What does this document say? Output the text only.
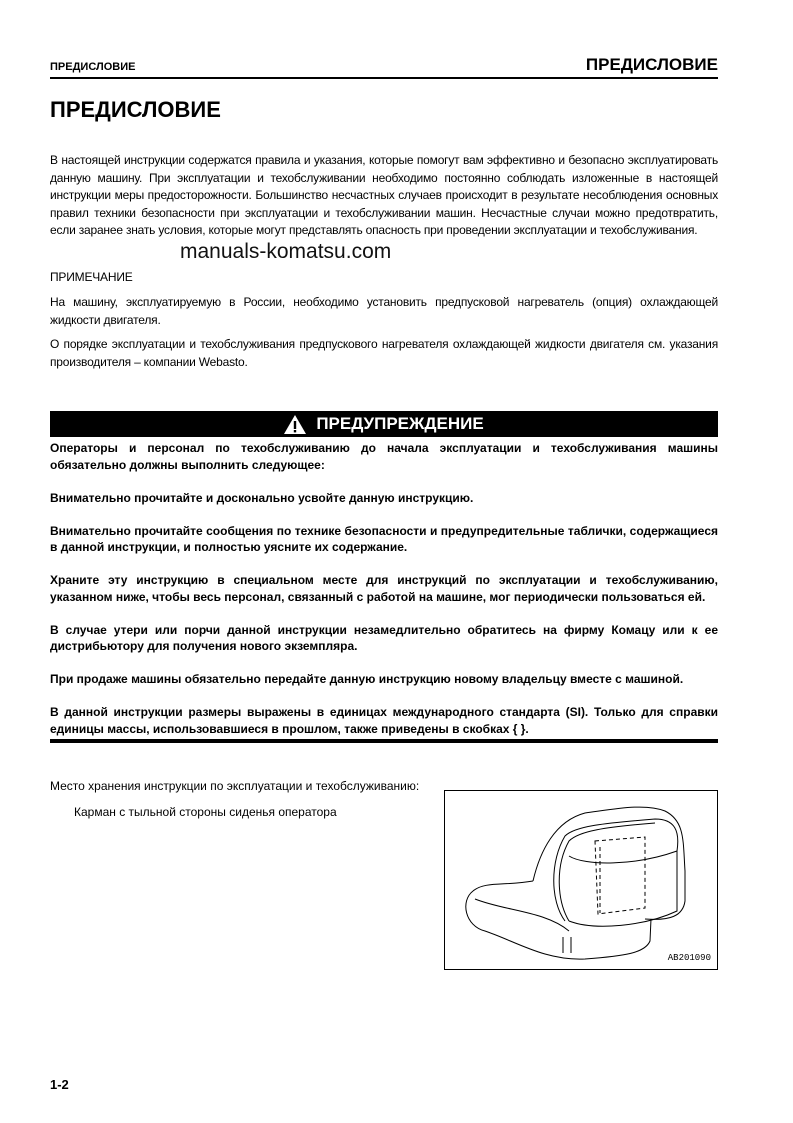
ПРЕДИСЛОВИЕ	ПРЕДИСЛОВИЕ
ПРЕДИСЛОВИЕ

В настоящей инструкции содержатся правила и указания, которые помогут вам эффективно и безопасно эксплуатировать данную машину. При эксплуатации и техобслуживании необходимо постоянно соблюдать изложенные в настоящей инструкции меры предосторожности. Большинство несчастных случаев происходит в результате несоблюдения основных правил техники безопасности при эксплуатации и техобслуживании машин. Несчастные случаи можно предотвратить, если заранее знать условия, которые могут представлять опасность при проведении эксплуатации и техобслуживания.

manuals-komatsu.com

ПРИМЕЧАНИЕ

На машину, эксплуатируемую в России, необходимо установить предпусковой нагреватель (опция) охлаждающей жидкости двигателя.

О порядке эксплуатации и техобслуживания предпускового нагревателя охлаждающей жидкости двигателя см. указания производителя – компании Webasto.

ПРЕДУПРЕЖДЕНИЕ

Операторы и персонал по техобслуживанию до начала эксплуатации и техобслуживания машины обязательно должны выполнить следующее:

Внимательно прочитайте и досконально усвойте данную инструкцию.

Внимательно прочитайте сообщения по технике безопасности и предупредительные таблички, содержащиеся в данной инструкции, и полностью уясните их содержание.

Храните эту инструкцию в специальном месте для инструкций по эксплуатации и техобслуживанию, указанном ниже, чтобы весь персонал, связанный с работой на машине, мог периодически пользоваться ей.

В случае утери или порчи данной инструкции незамедлительно обратитесь на фирму Комацу или к ее дистрибьютору для получения нового экземпляра.

При продаже машины обязательно передайте данную инструкцию новому владельцу вместе с машиной.

В данной инструкции размеры выражены в единицах международного стандарта (SI). Только для справки единицы массы, использовавшиеся в прошлом, также приведены в скобках { }.

Место хранения инструкции по эксплуатации и техобслуживанию:
Карман с тыльной стороны сиденья оператора
AB201090
1-2
